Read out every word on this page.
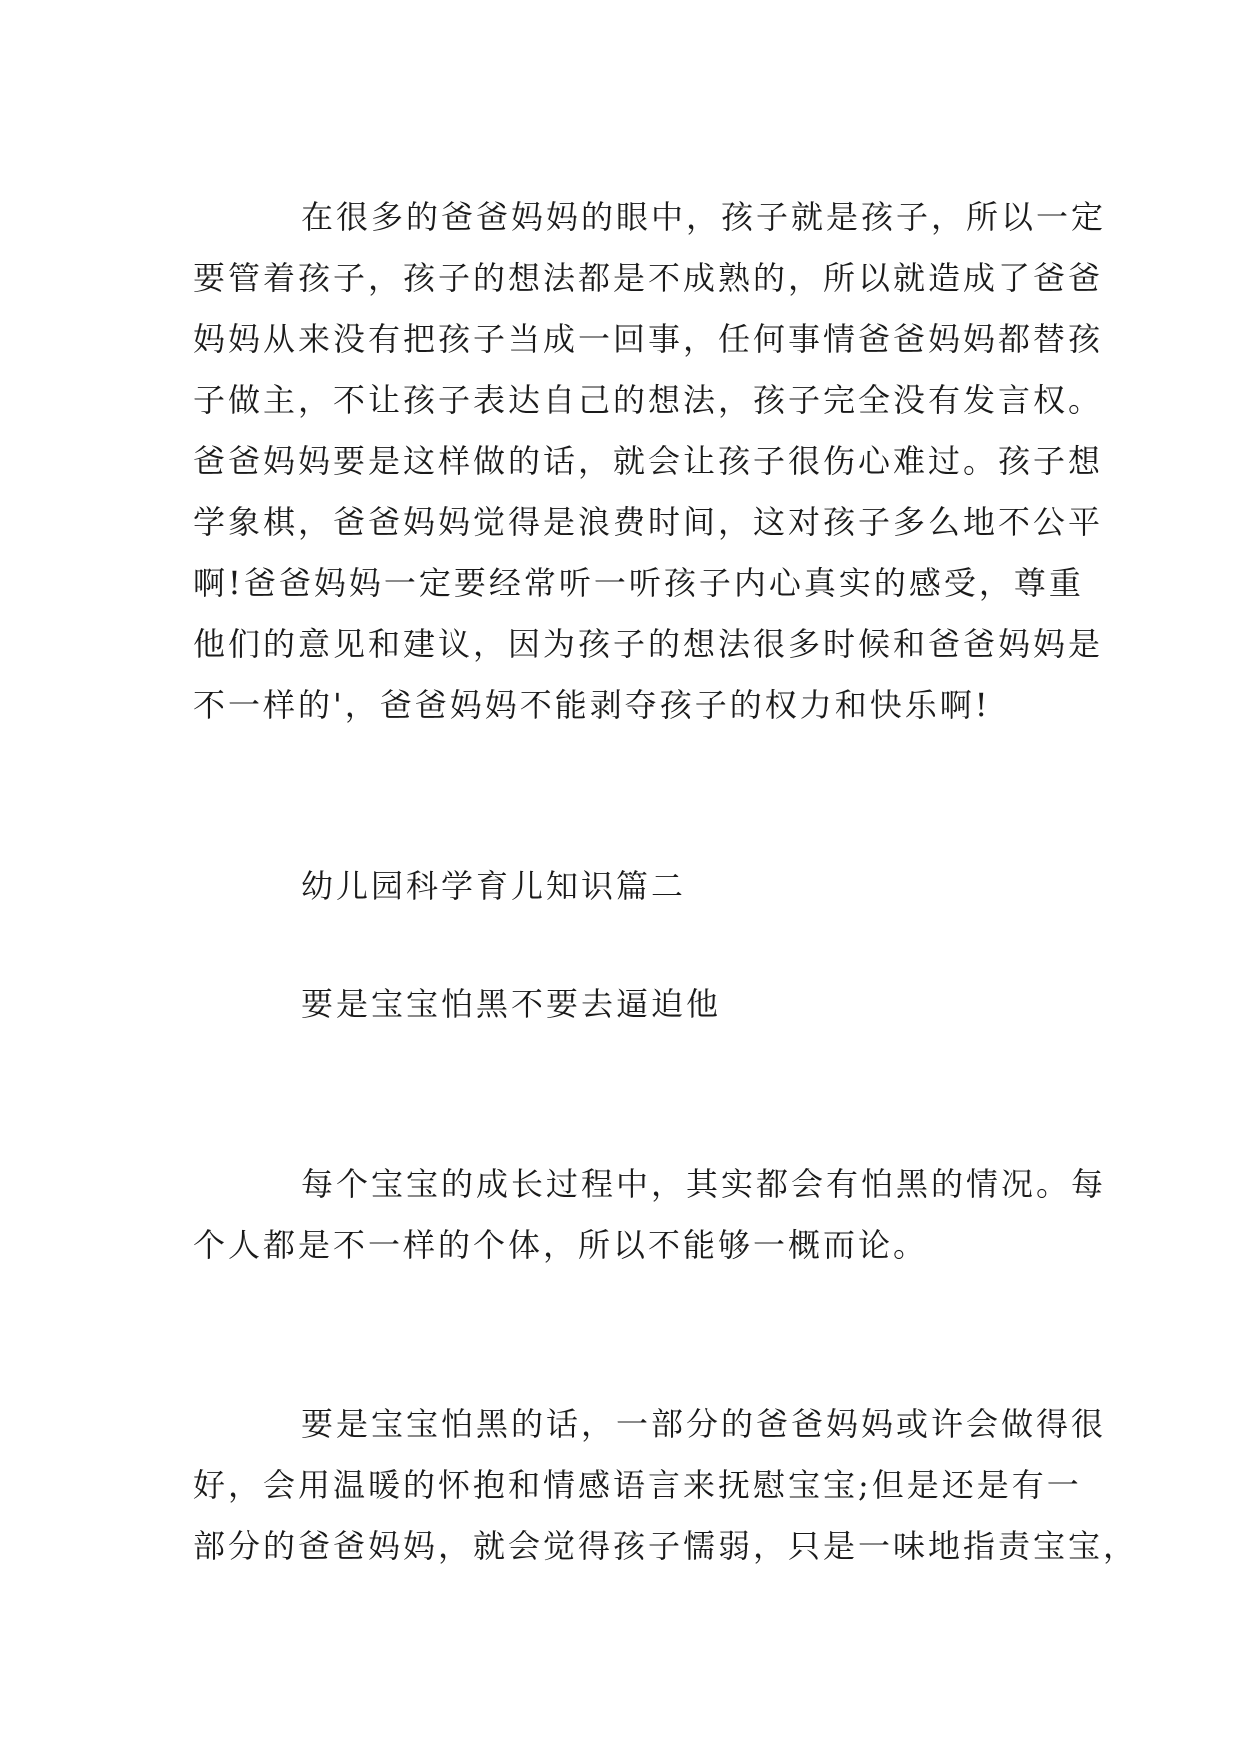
在很多的爸爸妈妈的眼中，孩子就是孩子，所以一定
要管着孩子，孩子的想法都是不成熟的，所以就造成了爸爸
妈妈从来没有把孩子当成一回事，任何事情爸爸妈妈都替孩
子做主，不让孩子表达自己的想法，孩子完全没有发言权。
爸爸妈妈要是这样做的话，就会让孩子很伤心难过。孩子想
学象棋，爸爸妈妈觉得是浪费时间，这对孩子多么地不公平
啊!爸爸妈妈一定要经常听一听孩子内心真实的感受，尊重
他们的意见和建议，因为孩子的想法很多时候和爸爸妈妈是
不一样的'，爸爸妈妈不能剥夺孩子的权力和快乐啊!
幼儿园科学育儿知识篇二
要是宝宝怕黑不要去逼迫他
每个宝宝的成长过程中，其实都会有怕黑的情况。每
个人都是不一样的个体，所以不能够一概而论。
要是宝宝怕黑的话，一部分的爸爸妈妈或许会做得很
好，会用温暖的怀抱和情感语言来抚慰宝宝;但是还是有一
部分的爸爸妈妈，就会觉得孩子懦弱，只是一味地指责宝宝，
